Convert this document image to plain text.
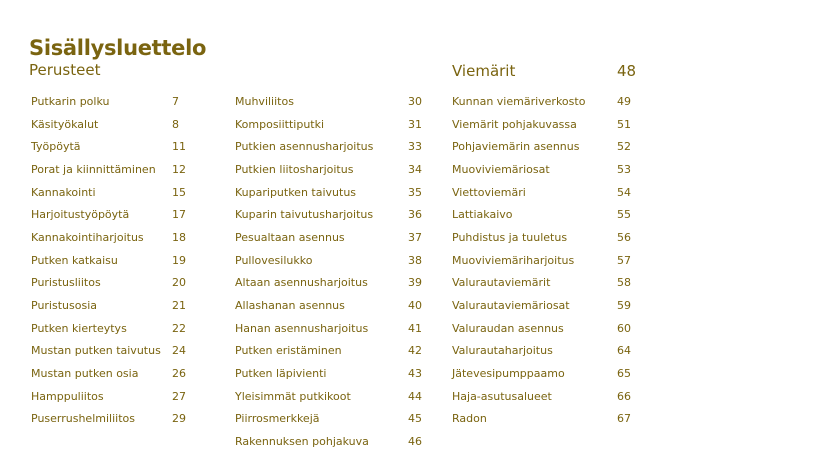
Sisällysluettelo
Perusteet	Viemärit	48
Putkarin polku	7
Käsityökalut	8
Työpöytä	11
Porat ja kiinnittäminen 12
Kannakointi	15
Harjoitustyöpöytä	17
Kannakointiharjoitus	18
Putken katkaisu	19
Puristusliitos	20
Puristusosia	21
Putken kierteytys	22
Mustan putken taivutus 24
Mustan putken osia	26
Hamppuliitos	27
Puserrushelmiliitos	29
Muhviliitos	30
Komposiittiputki	31
Putkien asennusharjoitus	33
Putkien liitosharjoitus	34
Kupariputken taivutus	35
Kuparin taivutusharjoitus	36
Pesualtaan asennus	37
Pullovesilukko	38
Altaan asennusharjoitus	39
Allashanan asennus	40
Hanan asennusharjoitus	41
Putken eristäminen	42
Putken läpivienti	43
Yleisimmät putkikoot	44
Piirrosmerkkejä	45
Rakennuksen pohjakuva	46
Kunnan viemäriverkosto	49
Viemärit pohjakuvassa	51
Pohjaviemärin asennus	52
Muoviviemäriosat	53
Viettoviemäri	54
Lattiakaivo	55
Puhdistus ja tuuletus	56
Muoviviemäriharjoitus	57
Valurautaviemärit	58
Valurautaviemäriosat	59
Valuraudan asennus	60
Valurautaharjoitus	64
Jätevesipumppaamo	65
Haja-asutusalueet	66
Radon	67
